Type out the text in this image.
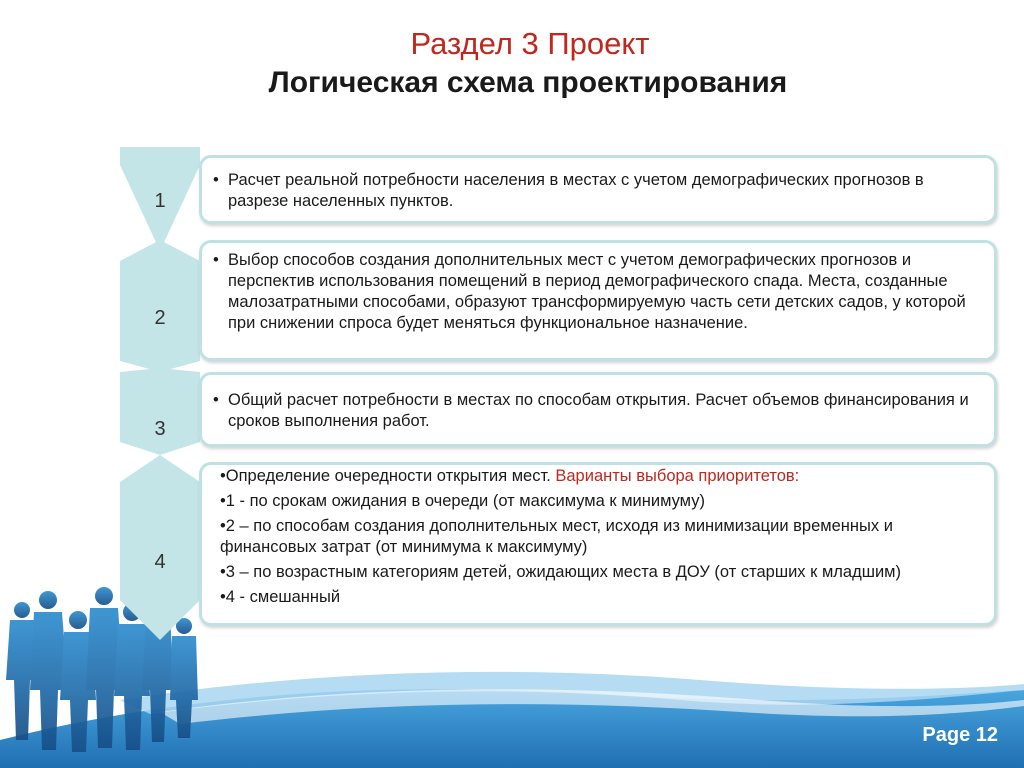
Раздел 3 Проект
Логическая схема проектирования
1
2
3
4
• Расчет реальной потребности населения в местах с учетом демографических прогнозов в разрезе населенных пунктов.
• Выбор способов создания дополнительных мест с учетом демографических прогнозов и перспектив использования помещений в период демографического спада. Места, созданные малозатратными способами, образуют трансформируемую часть сети детских садов, у которой при снижении спроса будет меняться функциональное назначение.
• Общий расчет потребности в местах по способам открытия. Расчет объемов финансирования и сроков выполнения работ.
•Определение очередности открытия мест. Варианты выбора приоритетов:
•1 - по срокам ожидания в очереди (от максимума к минимуму)
•2 – по способам создания дополнительных мест, исходя из минимизации временных и финансовых затрат (от минимума к максимуму)
•3 – по возрастным категориям детей, ожидающих места в ДОУ (от старших к младшим)
•4 - смешанный
Page 12
